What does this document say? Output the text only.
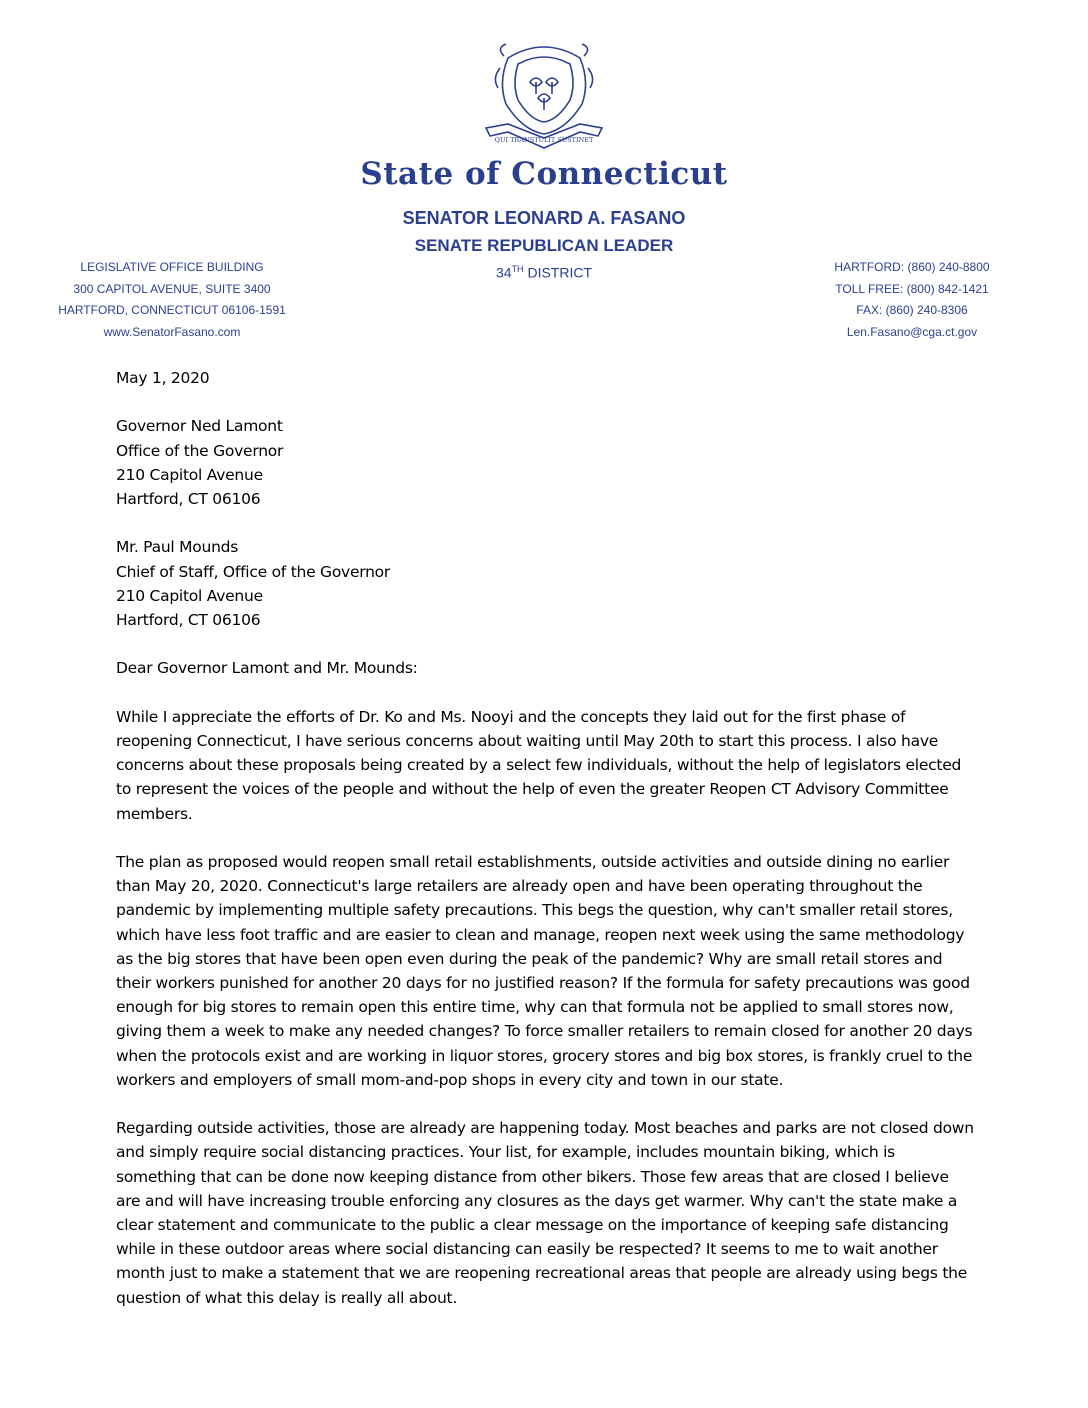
QUI TRANSTULIT SUSTINET
State of Connecticut
SENATOR LEONARD A. FASANO
SENATE REPUBLICAN LEADER
34TH DISTRICT
LEGISLATIVE OFFICE BUILDING
300 CAPITOL AVENUE, SUITE 3400
HARTFORD, CONNECTICUT 06106-1591
www.SenatorFasano.com
HARTFORD: (860) 240-8800
TOLL FREE: (800) 842-1421
FAX: (860) 240-8306
Len.Fasano@cga.ct.gov

May 1, 2020

Governor Ned Lamont

Office of the Governor

210 Capitol Avenue

Hartford, CT 06106

Mr. Paul Mounds

Chief of Staff, Office of the Governor

210 Capitol Avenue

Hartford, CT 06106

Dear Governor Lamont and Mr. Mounds:

While I appreciate the efforts of Dr. Ko and Ms. Nooyi and the concepts they laid out for the first phase of reopening Connecticut, I have serious concerns about waiting until May 20th to start this process. I also have concerns about these proposals being created by a select few individuals, without the help of legislators elected to represent the voices of the people and without the help of even the greater Reopen CT Advisory Committee members.

The plan as proposed would reopen small retail establishments, outside activities and outside dining no earlier than May 20, 2020. Connecticut's large retailers are already open and have been operating throughout the pandemic by implementing multiple safety precautions. This begs the question, why can't smaller retail stores, which have less foot traffic and are easier to clean and manage, reopen next week using the same methodology as the big stores that have been open even during the peak of the pandemic? Why are small retail stores and their workers punished for another 20 days for no justified reason? If the formula for safety precautions was good enough for big stores to remain open this entire time, why can that formula not be applied to small stores now, giving them a week to make any needed changes? To force smaller retailers to remain closed for another 20 days when the protocols exist and are working in liquor stores, grocery stores and big box stores, is frankly cruel to the workers and employers of small mom-and-pop shops in every city and town in our state.

Regarding outside activities, those are already are happening today. Most beaches and parks are not closed down and simply require social distancing practices. Your list, for example, includes mountain biking, which is something that can be done now keeping distance from other bikers. Those few areas that are closed I believe are and will have increasing trouble enforcing any closures as the days get warmer. Why can't the state make a clear statement and communicate to the public a clear message on the importance of keeping safe distancing while in these outdoor areas where social distancing can easily be respected? It seems to me to wait another month just to make a statement that we are reopening recreational areas that people are already using begs the question of what this delay is really all about.
